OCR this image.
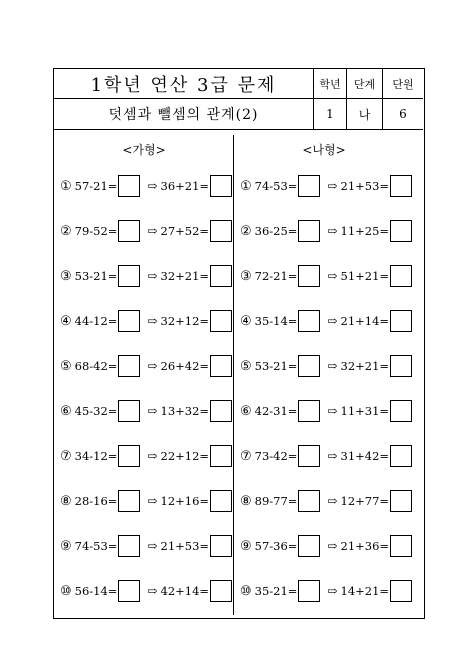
1학년 연산 3급 문제
덧셈과 뺄셈의 관계(2)
학년	단계	단원
1	나	6
<가형>
① 57-21=	⇨ 36+21=
② 79-52=	⇨ 27+52=
③ 53-21=	⇨ 32+21=
④ 44-12=	⇨ 32+12=
⑤ 68-42=	⇨ 26+42=
⑥ 45-32=	⇨ 13+32=
⑦ 34-12=	⇨ 22+12=
⑧ 28-16=	⇨ 12+16=
⑨ 74-53=	⇨ 21+53=
⑩ 56-14=	⇨ 42+14=
<나형>
① 74-53=	⇨ 21+53=
② 36-25=	⇨ 11+25=
③ 72-21=	⇨ 51+21=
④ 35-14=	⇨ 21+14=
⑤ 53-21=	⇨ 32+21=
⑥ 42-31=	⇨ 11+31=
⑦ 73-42=	⇨ 31+42=
⑧ 89-77=	⇨ 12+77=
⑨ 57-36=	⇨ 21+36=
⑩ 35-21=	⇨ 14+21=
